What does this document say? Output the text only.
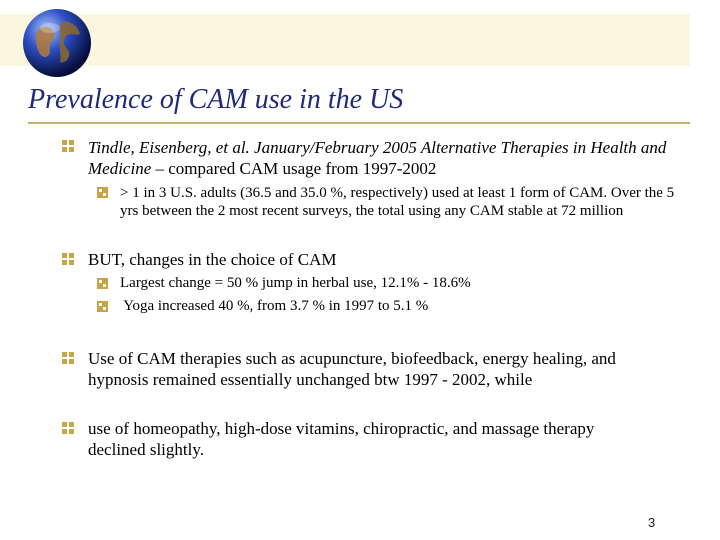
Prevalence of CAM use in the US
Tindle, Eisenberg, et al. January/February 2005 Alternative Therapies in Health and Medicine – compared CAM usage from 1997-2002
> 1 in 3 U.S. adults (36.5 and 35.0 %, respectively) used at least 1 form of CAM. Over the 5 yrs between the 2 most recent surveys, the total using any CAM stable at 72 million
BUT, changes in the choice of CAM
Largest change = 50 % jump in herbal use, 12.1% - 18.6%
Yoga increased 40 %, from 3.7 % in 1997 to 5.1 %
Use of CAM therapies such as acupuncture, biofeedback, energy healing, and hypnosis remained essentially unchanged btw 1997 - 2002, while
use of homeopathy, high-dose vitamins, chiropractic, and massage therapy declined slightly.
3
